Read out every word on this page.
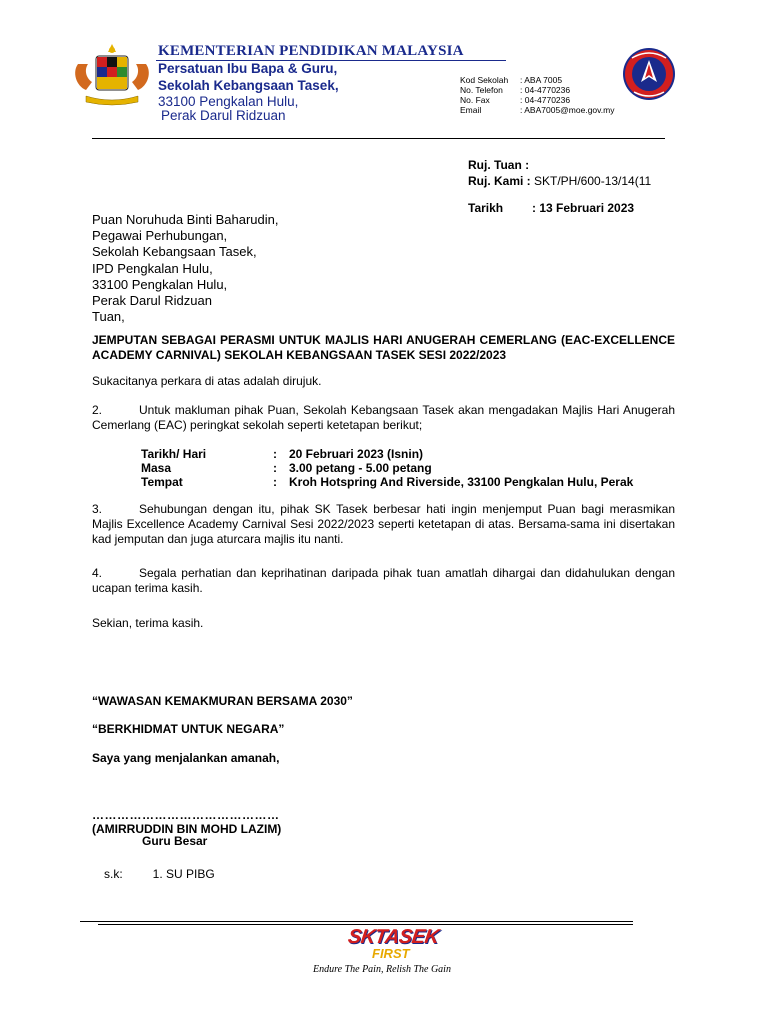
KEMENTERIAN PENDIDIKAN MALAYSIA
Persatuan Ibu Bapa & Guru,
Sekolah Kebangsaan Tasek,
33100 Pengkalan Hulu,
Perak Darul Ridzuan
Kod Sekolah	: ABA 7005
No. Telefon	: 04-4770236
No. Fax	: 04-4770236
Email	: ABA7005@moe.gov.my
Ruj. Tuan :
Ruj. Kami : SKT/PH/600-13/14(11
Tarikh : 13 Februari 2023
Puan Noruhuda Binti Baharudin,
Pegawai Perhubungan,
Sekolah Kebangsaan Tasek,
IPD Pengkalan Hulu,
33100 Pengkalan Hulu,
Perak Darul Ridzuan
Tuan,
JEMPUTAN SEBAGAI PERASMI UNTUK MAJLIS HARI ANUGERAH CEMERLANG (EAC-EXCELLENCE ACADEMY CARNIVAL) SEKOLAH KEBANGSAAN TASEK SESI 2022/2023
Sukacitanya perkara di atas adalah dirujuk.
2.	Untuk makluman pihak Puan, Sekolah Kebangsaan Tasek akan mengadakan Majlis Hari Anugerah Cemerlang (EAC) peringkat sekolah seperti ketetapan berikut;
Tarikh/ Hari	:	20 Februari 2023 (Isnin)
Masa	:	3.00 petang - 5.00 petang
Tempat	:	Kroh Hotspring And Riverside, 33100 Pengkalan Hulu, Perak
3.	Sehubungan dengan itu, pihak SK Tasek berbesar hati ingin menjemput Puan bagi merasmikan Majlis Excellence Academy Carnival Sesi 2022/2023 seperti ketetapan di atas. Bersama-sama ini disertakan kad jemputan dan juga aturcara majlis itu nanti.
4.	Segala perhatian dan keprihatinan daripada pihak tuan amatlah dihargai dan didahulukan dengan ucapan terima kasih.
Sekian, terima kasih.
“WAWASAN KEMAKMURAN BERSAMA 2030”
“BERKHIDMAT UNTUK NEGARA”
Saya yang menjalankan amanah,
………………………………………
(AMIRRUDDIN BIN MOHD LAZIM)
Guru Besar
s.k:	1. SU PIBG
SKTASEK
FIRST
Endure The Pain, Relish The Gain
